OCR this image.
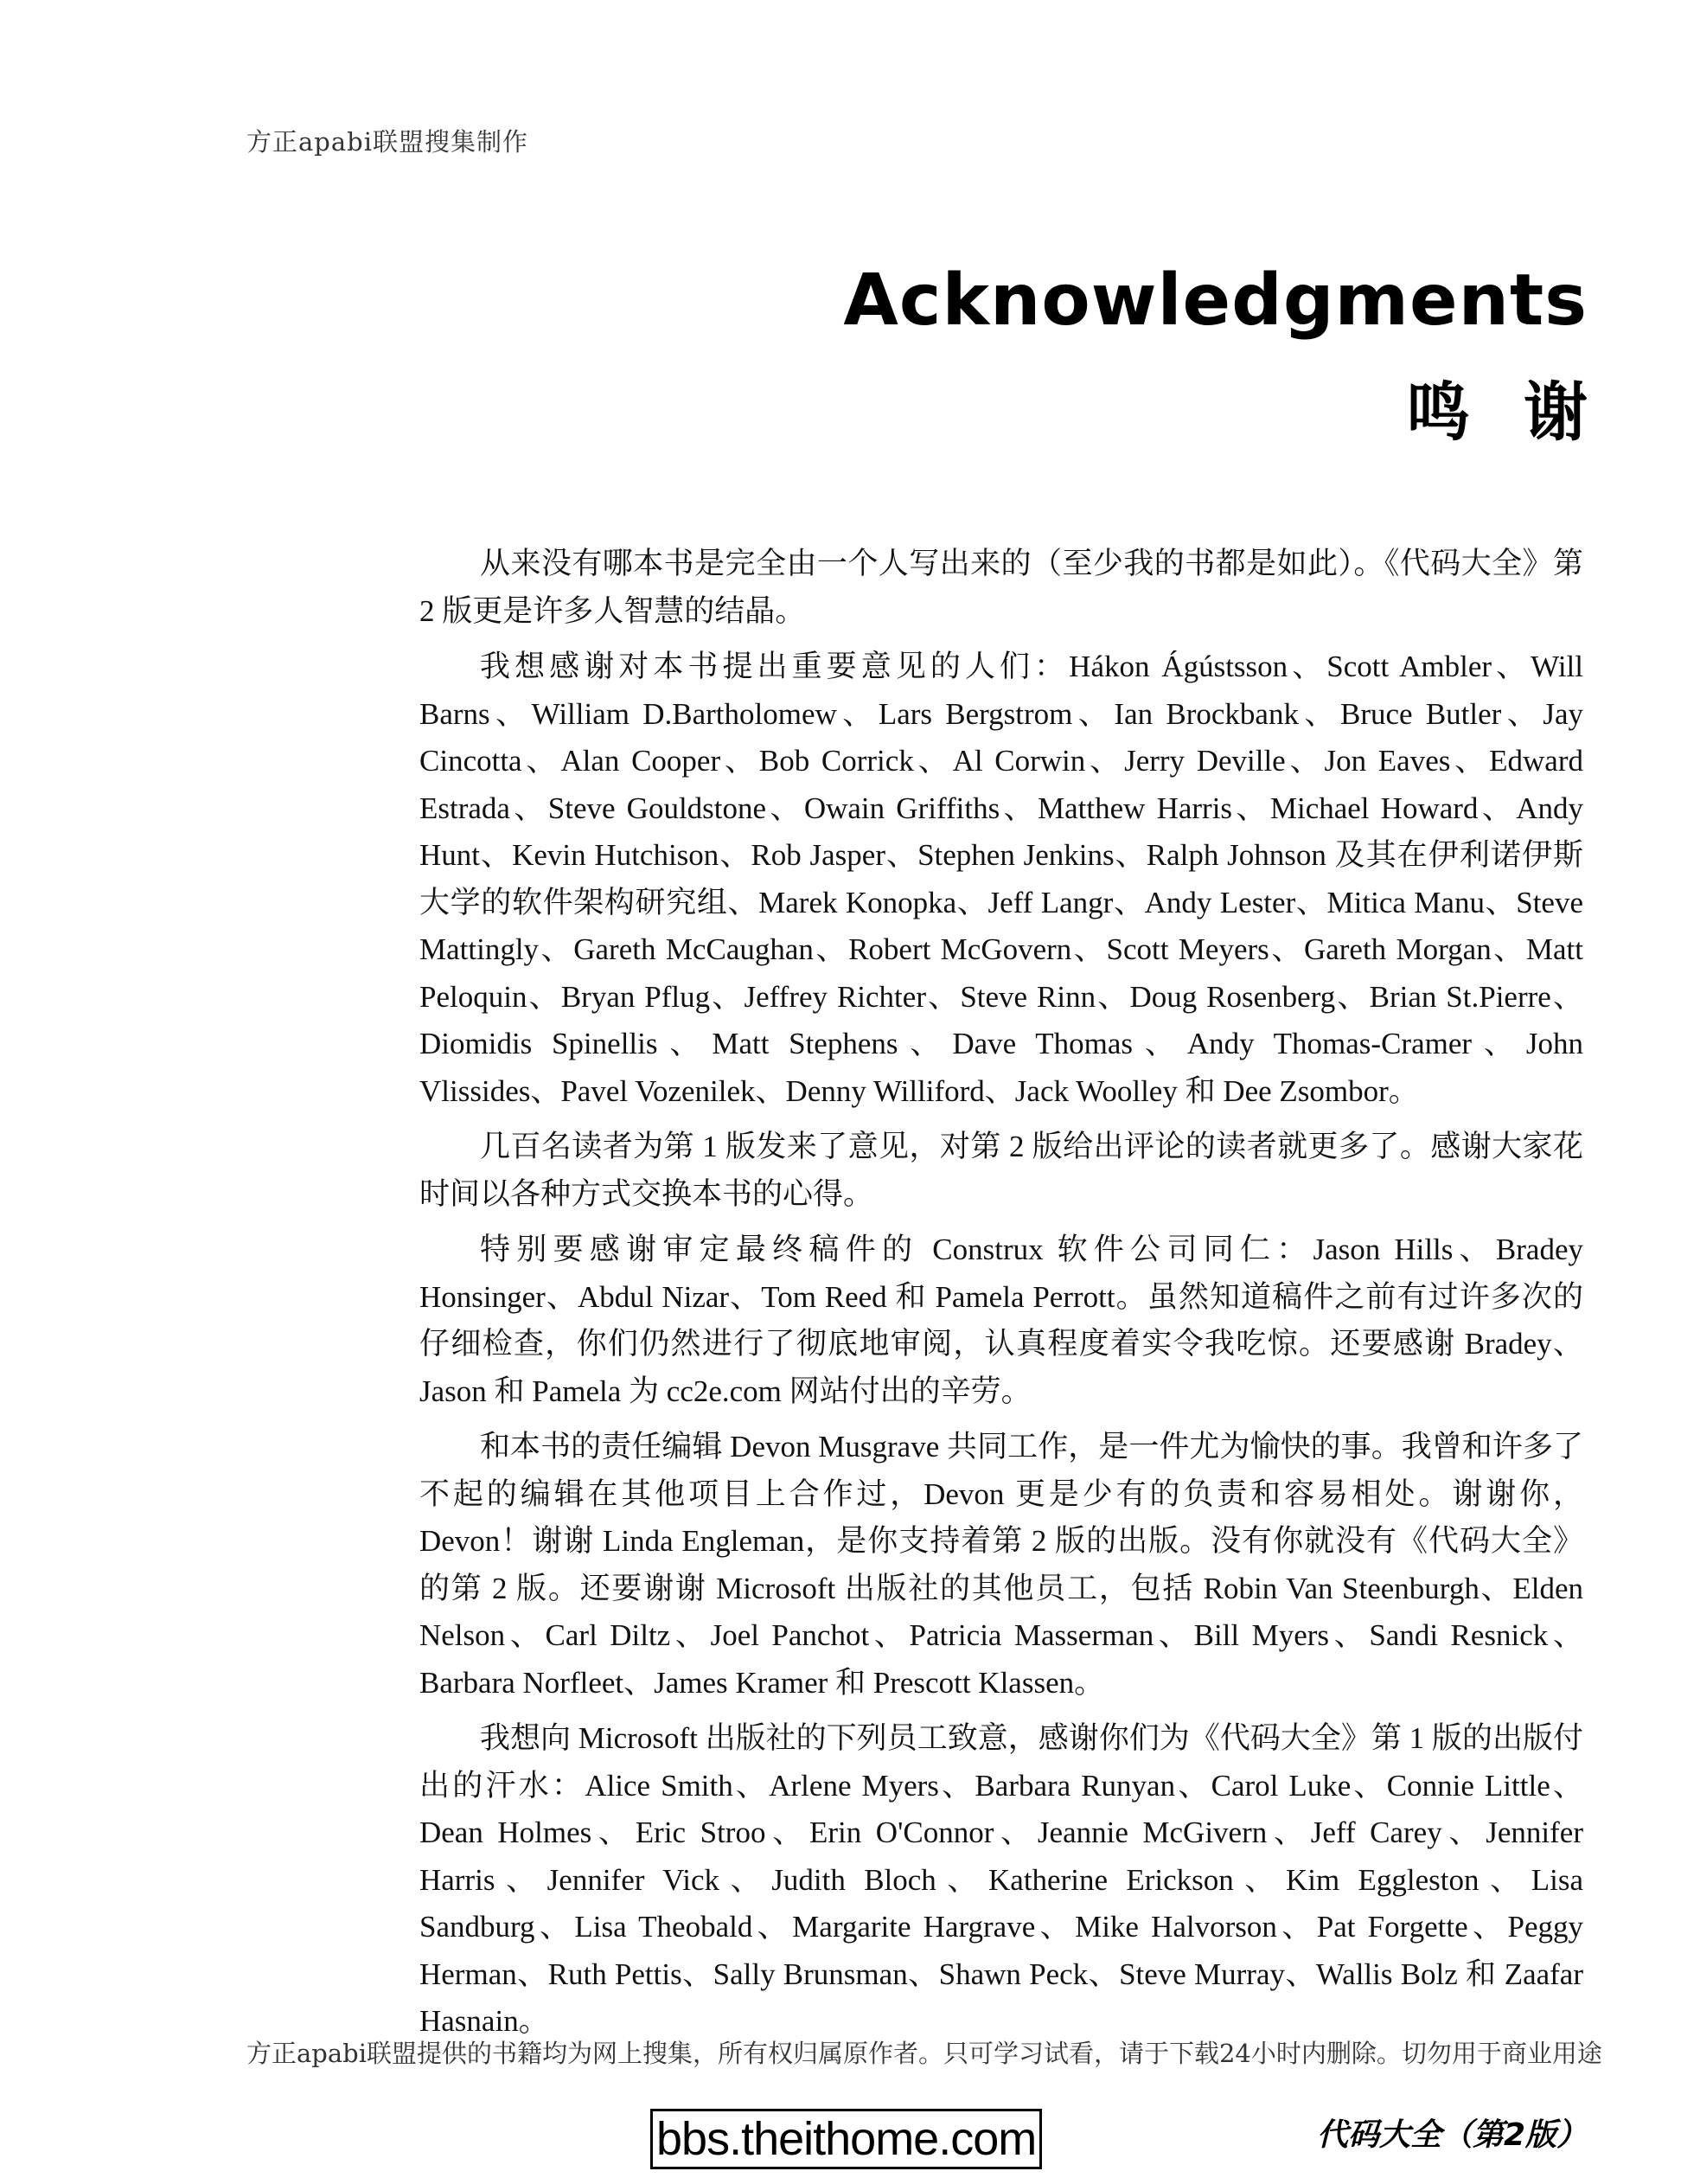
方正apabi联盟搜集制作
Acknowledgments
鸣谢

从来没有哪本书是完全由一个人写出来的（至少我的书都是如此）。《代码大全》第 2 版更是许多人智慧的结晶。

我想感谢对本书提出重要意见的人们：Hákon Ágústsson、Scott Ambler、Will Barns、William D.Bartholomew、Lars Bergstrom、Ian Brockbank、Bruce Butler、Jay Cincotta、Alan Cooper、Bob Corrick、Al Corwin、Jerry Deville、Jon Eaves、Edward Estrada、Steve Gouldstone、Owain Griffiths、Matthew Harris、Michael Howard、Andy Hunt、Kevin Hutchison、Rob Jasper、Stephen Jenkins、Ralph Johnson 及其在伊利诺伊斯大学的软件架构研究组、Marek Konopka、Jeff Langr、Andy Lester、Mitica Manu、Steve Mattingly、Gareth McCaughan、Robert McGovern、Scott Meyers、Gareth Morgan、Matt Peloquin、Bryan Pflug、Jeffrey Richter、Steve Rinn、Doug Rosenberg、Brian St.Pierre、Diomidis Spinellis、Matt Stephens、Dave Thomas、Andy Thomas-Cramer、John Vlissides、Pavel Vozenilek、Denny Williford、Jack Woolley 和 Dee Zsombor。

几百名读者为第 1 版发来了意见，对第 2 版给出评论的读者就更多了。感谢大家花时间以各种方式交换本书的心得。

特别要感谢审定最终稿件的 Construx 软件公司同仁：Jason Hills、Bradey Honsinger、Abdul Nizar、Tom Reed 和 Pamela Perrott。虽然知道稿件之前有过许多次的仔细检查，你们仍然进行了彻底地审阅，认真程度着实令我吃惊。还要感谢 Bradey、Jason 和 Pamela 为 cc2e.com 网站付出的辛劳。

和本书的责任编辑 Devon Musgrave 共同工作，是一件尤为愉快的事。我曾和许多了不起的编辑在其他项目上合作过，Devon 更是少有的负责和容易相处。谢谢你，Devon！谢谢 Linda Engleman，是你支持着第 2 版的出版。没有你就没有《代码大全》的第 2 版。还要谢谢 Microsoft 出版社的其他员工，包括 Robin Van Steenburgh、Elden Nelson、Carl Diltz、Joel Panchot、Patricia Masserman、Bill Myers、Sandi Resnick、Barbara Norfleet、James Kramer 和 Prescott Klassen。

我想向 Microsoft 出版社的下列员工致意，感谢你们为《代码大全》第 1 版的出版付出的汗水：Alice Smith、Arlene Myers、Barbara Runyan、Carol Luke、Connie Little、Dean Holmes、Eric Stroo、Erin O'Connor、Jeannie McGivern、Jeff Carey、Jennifer Harris、Jennifer Vick、Judith Bloch、Katherine Erickson、Kim Eggleston、Lisa Sandburg、Lisa Theobald、Margarite Hargrave、Mike Halvorson、Pat Forgette、Peggy Herman、Ruth Pettis、Sally Brunsman、Shawn Peck、Steve Murray、Wallis Bolz 和 Zaafar Hasnain。

方正apabi联盟提供的书籍均为网上搜集，所有权归属原作者。只可学习试看，请于下载24小时内删除。切勿用于商业用途
bbs.theithome.com	代码大全（第2版）
